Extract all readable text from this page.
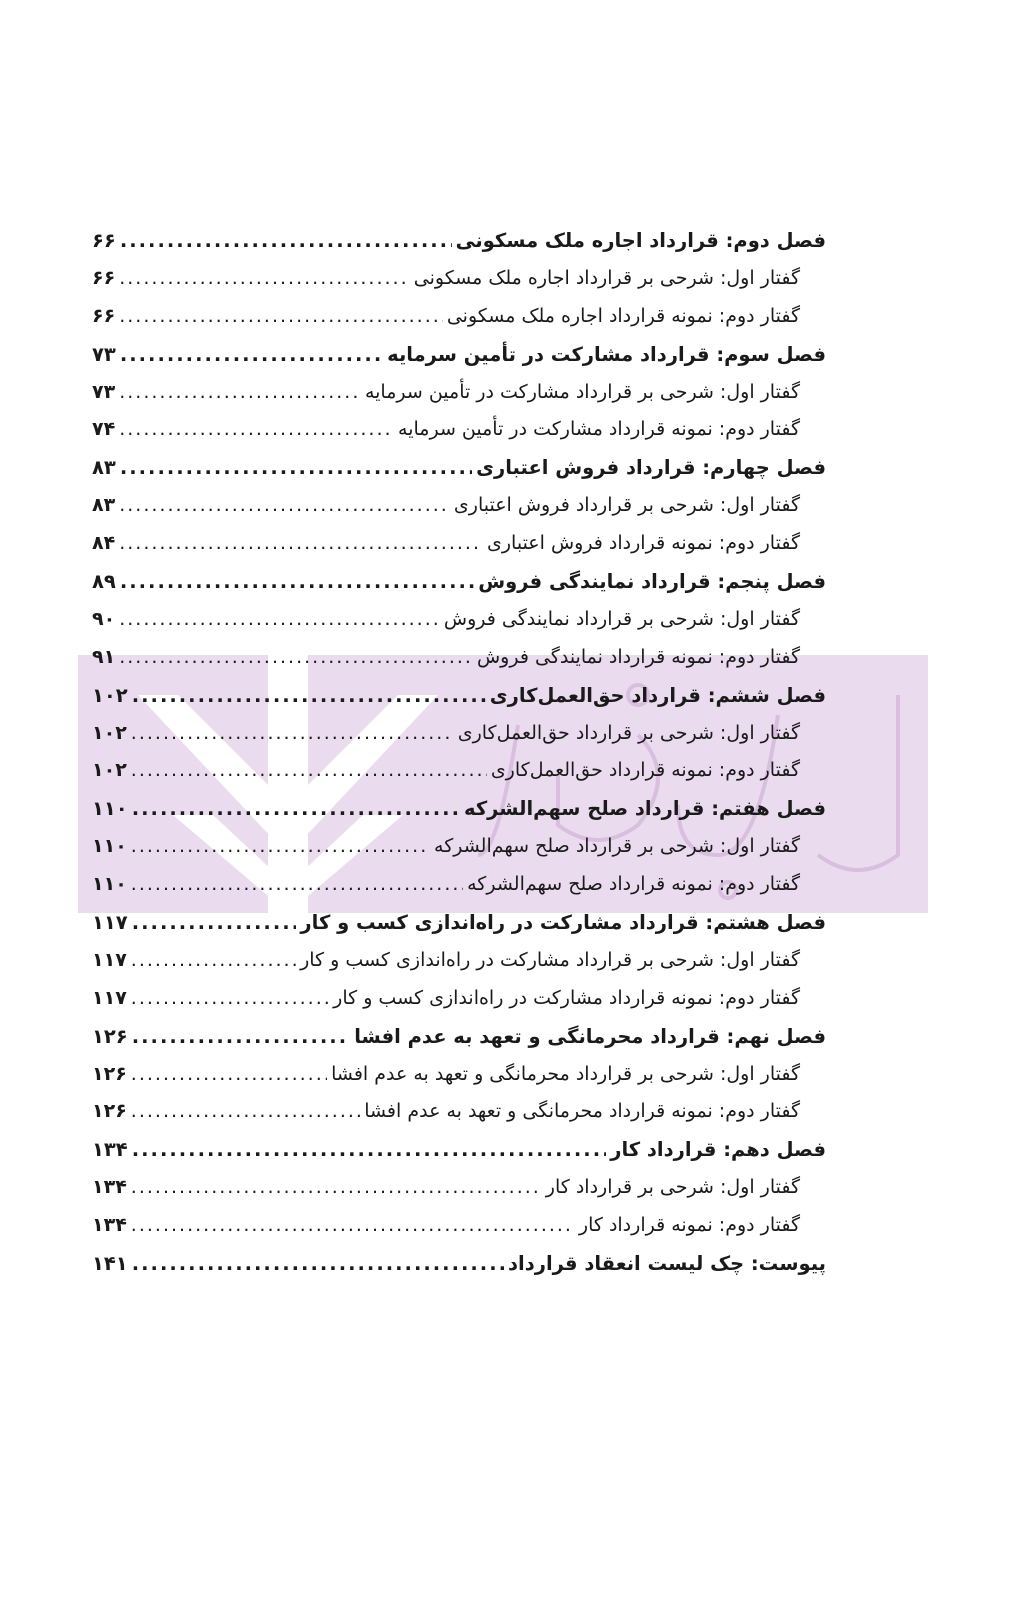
فصل دوم: قرارداد اجاره ملک مسکونی
.....
۶۶
گفتار اول: شرحی بر قرارداد اجاره ملک مسکونی
.....
۶۶
گفتار دوم: نمونه قرارداد اجاره ملک مسکونی
.....
۶۶
فصل سوم: قرارداد مشارکت در تأمین سرمایه
.....
۷۳
گفتار اول: شرحی بر قرارداد مشارکت در تأمین سرمایه
.....
۷۳
گفتار دوم: نمونه قرارداد مشارکت در تأمین سرمایه
.....
۷۴
فصل چهارم: قرارداد فروش اعتباری
.....
۸۳
گفتار اول: شرحی بر قرارداد فروش اعتباری
.....
۸۳
گفتار دوم: نمونه قرارداد فروش اعتباری
.....
۸۴
فصل پنجم: قرارداد نمایندگی فروش
.....
۸۹
گفتار اول: شرحی بر قرارداد نمایندگی فروش
.....
۹۰
گفتار دوم: نمونه قرارداد نمایندگی فروش
.....
۹۱
فصل ششم: قرارداد حق‌العمل‌کاری
.....
۱۰۲
گفتار اول: شرحی بر قرارداد حق‌العمل‌کاری
.....
۱۰۲
گفتار دوم: نمونه قرارداد حق‌العمل‌کاری
.....
۱۰۲
فصل هفتم: قرارداد صلح سهم‌الشرکه
.....
۱۱۰
گفتار اول: شرحی بر قرارداد صلح سهم‌الشرکه
.....
۱۱۰
گفتار دوم: نمونه قرارداد صلح سهم‌الشرکه
.....
۱۱۰
فصل هشتم: قرارداد مشارکت در راه‌اندازی کسب و کار
.....
۱۱۷
گفتار اول: شرحی بر قرارداد مشارکت در راه‌اندازی کسب و کار
.....
۱۱۷
گفتار دوم: نمونه قرارداد مشارکت در راه‌اندازی کسب و کار
.....
۱۱۷
فصل نهم: قرارداد محرمانگی و تعهد به عدم افشا
.....
۱۲۶
گفتار اول: شرحی بر قرارداد محرمانگی و تعهد به عدم افشا
.....
۱۲۶
گفتار دوم: نمونه قرارداد محرمانگی و تعهد به عدم افشا
.....
۱۲۶
فصل دهم: قرارداد کار
.....
۱۳۴
گفتار اول: شرحی بر قرارداد کار
.....
۱۳۴
گفتار دوم: نمونه قرارداد کار
.....
۱۳۴
پیوست: چک لیست انعقاد قرارداد
.....
۱۴۱
